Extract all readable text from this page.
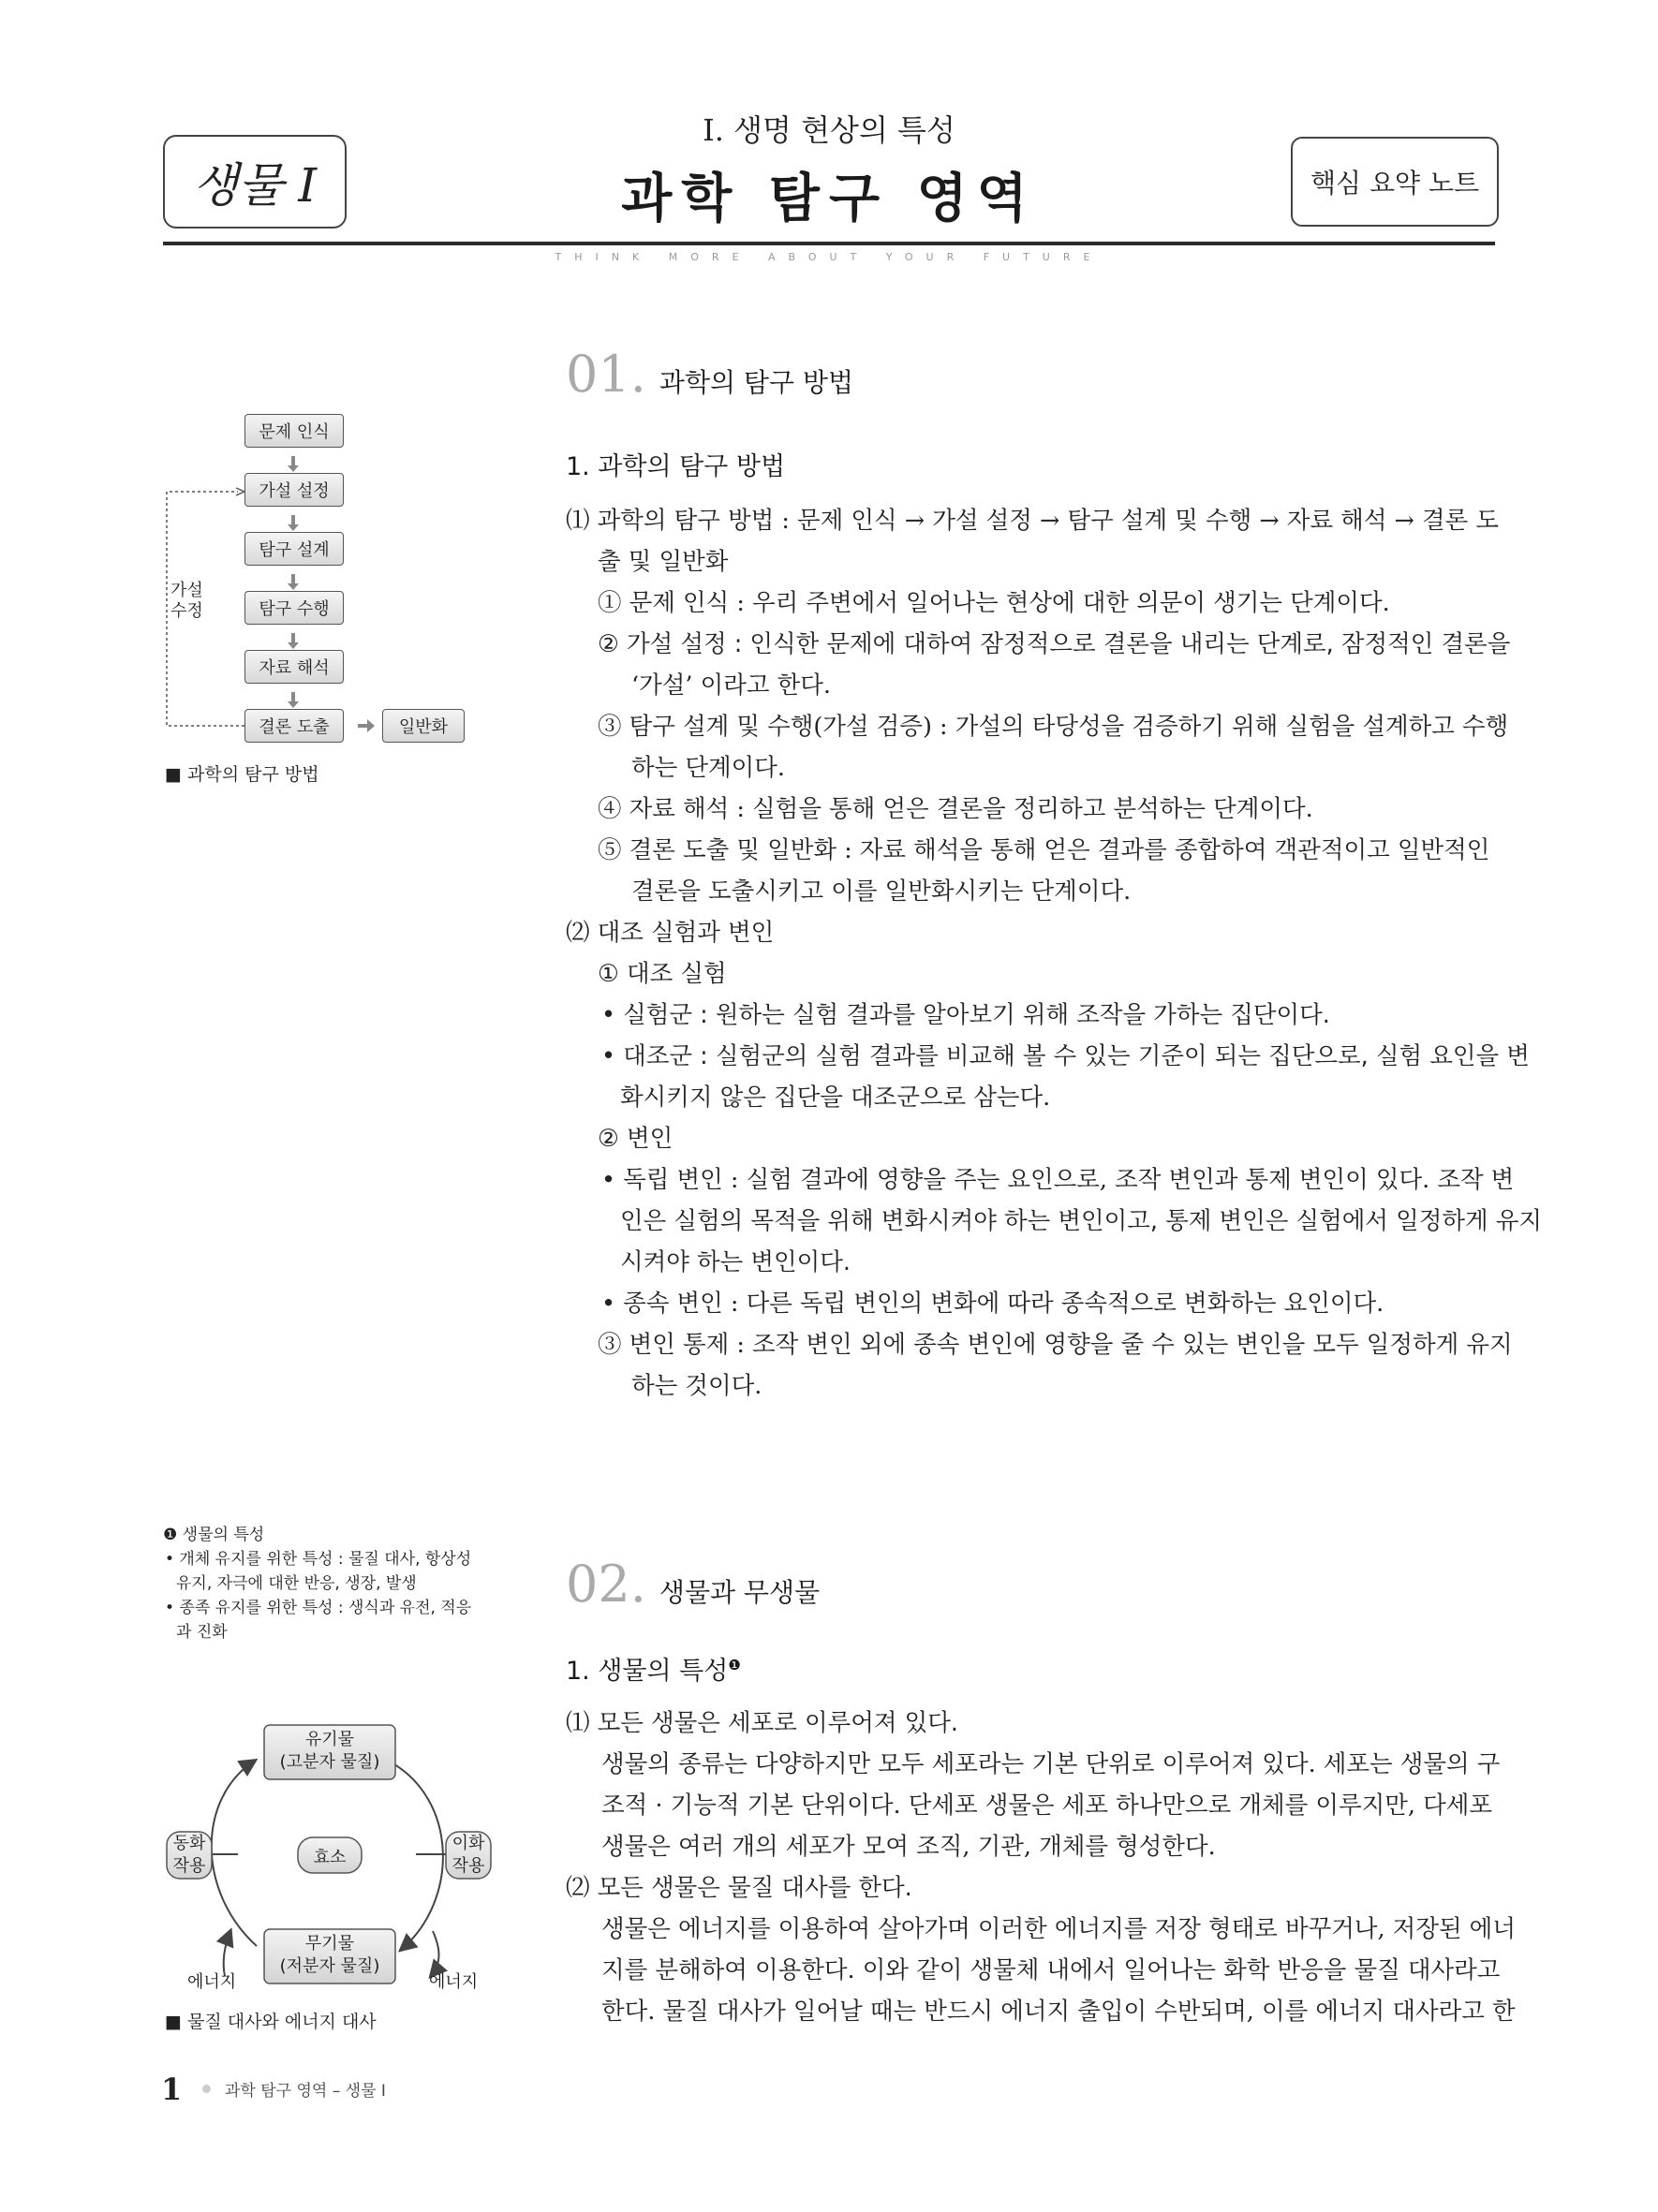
생물 I
I. 생명 현상의 특성
과학 탐구 영역	핵심 요약 노트
THINK MORE ABOUT YOUR FUTURE
01. 과학의 탐구 방법
1. 과학의 탐구 방법
⑴ 과학의 탐구 방법 : 문제 인식 → 가설 설정 → 탐구 설계 및 수행 → 자료 해석 → 결론 도
출 및 일반화
① 문제 인식 : 우리 주변에서 일어나는 현상에 대한 의문이 생기는 단계이다.
② 가설 설정 : 인식한 문제에 대하여 잠정적으로 결론을 내리는 단계로, 잠정적인 결론을
‘가설’ 이라고 한다.
③ 탐구 설계 및 수행(가설 검증) : 가설의 타당성을 검증하기 위해 실험을 설계하고 수행
하는 단계이다.
④ 자료 해석 : 실험을 통해 얻은 결론을 정리하고 분석하는 단계이다.
⑤ 결론 도출 및 일반화 : 자료 해석을 통해 얻은 결과를 종합하여 객관적이고 일반적인
결론을 도출시키고 이를 일반화시키는 단계이다.
⑵ 대조 실험과 변인
① 대조 실험
• 실험군 : 원하는 실험 결과를 알아보기 위해 조작을 가하는 집단이다.
• 대조군 : 실험군의 실험 결과를 비교해 볼 수 있는 기준이 되는 집단으로, 실험 요인을 변
화시키지 않은 집단을 대조군으로 삼는다.
② 변인
• 독립 변인 : 실험 결과에 영향을 주는 요인으로, 조작 변인과 통제 변인이 있다. 조작 변
인은 실험의 목적을 위해 변화시켜야 하는 변인이고, 통제 변인은 실험에서 일정하게 유지
시켜야 하는 변인이다.
• 종속 변인 : 다른 독립 변인의 변화에 따라 종속적으로 변화하는 요인이다.
③ 변인 통제 : 조작 변인 외에 종속 변인에 영향을 줄 수 있는 변인을 모두 일정하게 유지
하는 것이다.
문제 인식
가설 설정
탐구 설계
탐구 수행
자료 해석
결론 도출	일반화
가설 수정
■ 과학의 탐구 방법
❶ 생물의 특성
• 개체 유지를 위한 특성 : 물질 대사, 항상성
유지, 자극에 대한 반응, 생장, 발생
• 종족 유지를 위한 특성 : 생식과 유전, 적응
과 진화
유기물
(고분자 물질)
무기물
(저분자 물질)
효소
동화
작용
이화
작용
에너지	에너지
■ 물질 대사와 에너지 대사
02. 생물과 무생물
1. 생물의 특성$^❶$
⑴ 모든 생물은 세포로 이루어져 있다.
생물의 종류는 다양하지만 모두 세포라는 기본 단위로 이루어져 있다. 세포는 생물의 구
조적 · 기능적 기본 단위이다. 단세포 생물은 세포 하나만으로 개체를 이루지만, 다세포
생물은 여러 개의 세포가 모여 조직, 기관, 개체를 형성한다.
⑵ 모든 생물은 물질 대사를 한다.
생물은 에너지를 이용하여 살아가며 이러한 에너지를 저장 형태로 바꾸거나, 저장된 에너
지를 분해하여 이용한다. 이와 같이 생물체 내에서 일어나는 화학 반응을 물질 대사라고
한다. 물질 대사가 일어날 때는 반드시 에너지 출입이 수반되며, 이를 에너지 대사라고 한
1	과학 탐구 영역 – 생물 Ⅰ
